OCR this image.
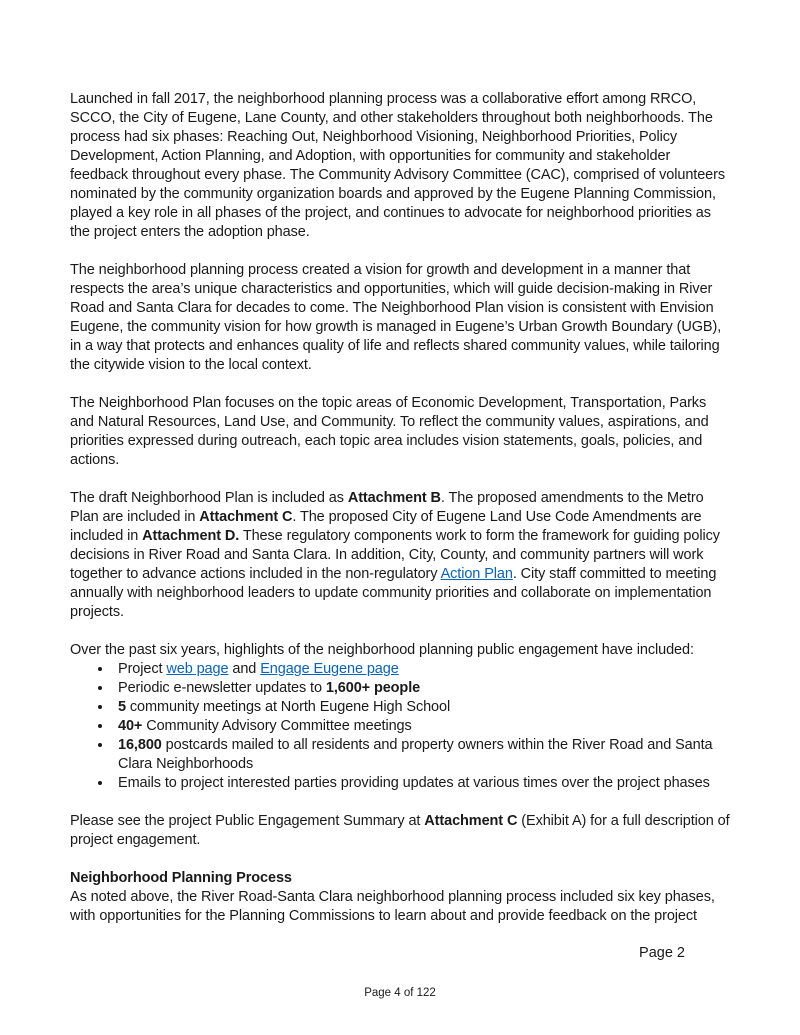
Launched in fall 2017, the neighborhood planning process was a collaborative effort among RRCO, SCCO, the City of Eugene, Lane County, and other stakeholders throughout both neighborhoods. The process had six phases: Reaching Out, Neighborhood Visioning, Neighborhood Priorities, Policy Development, Action Planning, and Adoption, with opportunities for community and stakeholder feedback throughout every phase. The Community Advisory Committee (CAC), comprised of volunteers nominated by the community organization boards and approved by the Eugene Planning Commission, played a key role in all phases of the project, and continues to advocate for neighborhood priorities as the project enters the adoption phase.

The neighborhood planning process created a vision for growth and development in a manner that respects the area’s unique characteristics and opportunities, which will guide decision-making in River Road and Santa Clara for decades to come. The Neighborhood Plan vision is consistent with Envision Eugene, the community vision for how growth is managed in Eugene’s Urban Growth Boundary (UGB), in a way that protects and enhances quality of life and reflects shared community values, while tailoring the citywide vision to the local context.

The Neighborhood Plan focuses on the topic areas of Economic Development, Transportation, Parks and Natural Resources, Land Use, and Community. To reflect the community values, aspirations, and priorities expressed during outreach, each topic area includes vision statements, goals, policies, and actions.

The draft Neighborhood Plan is included as Attachment B. The proposed amendments to the Metro Plan are included in Attachment C. The proposed City of Eugene Land Use Code Amendments are included in Attachment D. These regulatory components work to form the framework for guiding policy decisions in River Road and Santa Clara. In addition, City, County, and community partners will work together to advance actions included in the non-regulatory Action Plan. City staff committed to meeting annually with neighborhood leaders to update community priorities and collaborate on implementation projects.

Over the past six years, highlights of the neighborhood planning public engagement have included:

• Project web page and Engage Eugene page
• Periodic e-newsletter updates to 1,600+ people
• 5 community meetings at North Eugene High School
• 40+ Community Advisory Committee meetings
• 16,800 postcards mailed to all residents and property owners within the River Road and Santa Clara Neighborhoods
• Emails to project interested parties providing updates at various times over the project phases

Please see the project Public Engagement Summary at Attachment C (Exhibit A) for a full description of project engagement.

Neighborhood Planning Process

As noted above, the River Road-Santa Clara neighborhood planning process included six key phases, with opportunities for the Planning Commissions to learn about and provide feedback on the project

Page 2
Page 4 of 122
